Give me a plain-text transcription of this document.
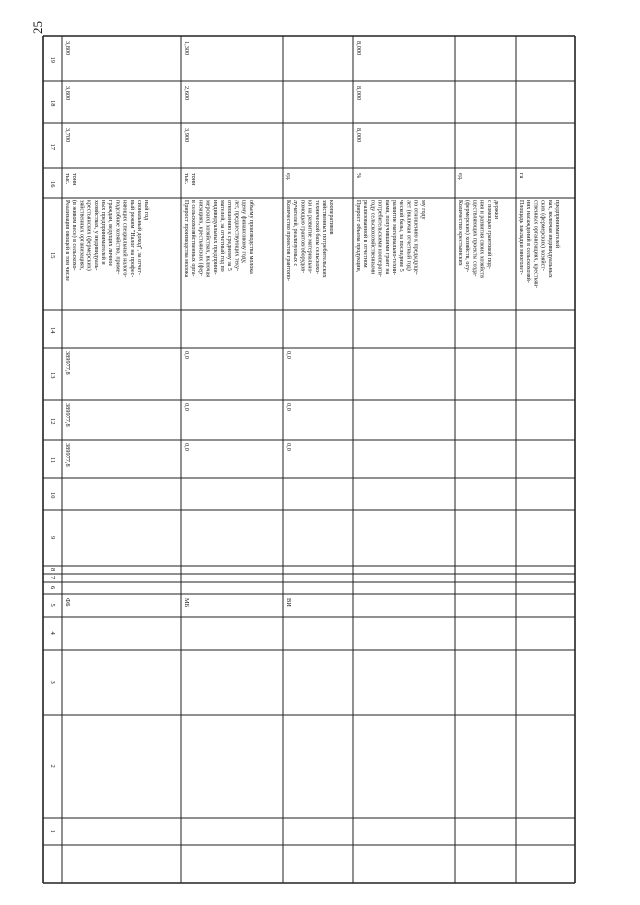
25
1
2
3
4
5
6
7
8
9
10
11
12
13
14
15
16
17
18
19
ФБ
389977,8
389977,8
389977,8
Реализация овощей в том числе (в живом весе) в сельскохо- зяйственных организациях, крестьянских (фермерских) хозяйствах, у индивидуаль- ных предпринимателей и граждан, ведущих личное подсобное хозяйство, приме- няющих специальный налого- вый режим "Налог на профес- сиональный доход", за отчет- ный год
тыс. тонн
3,700
3,800
3,800
МБ
0,0
0,0
0,0
Прирост производства молока в сельскохозяйственных орга- низациях, крестьянских (фер- мерских) хозяйствах, включая индивидуальных предприни- мателей, за отчетный год по отношению к среднему за 5 лет, предшествующих теку- щему финансовому году, объему производства молока
тыс. тонн
3,900
2,600
1,300
ВИ
0,0
0,0
0,0
Количество проектов грантопо- лучателей, реализуемых с помощью грантов/оборудов- ки на развитие материально- технической базы сельскохо- зяйственных потребительских кооперативов
ед.
Прирост объема продукции, реализованной в отчетном году сельскохозяйственными потребительскими кооперати- вами, получившими грант на развитие материально-техни- ческой базы, за последние 5 лет (включая отчетный год) по отношению к предыдуще- му году
%
8,000
8,000
8,000
Количество крестьянских (фермерских) хозяйств, осу- ществляющих проекты созда- ния и развития своих хозяйств с помощью грантовой под- держки
ед.
Площадь закладки многолет- них насаждений в сельскохозяй- ственных организациях, крестьян- ских (фермерских) хозяйст- вах, включая индивидуальных предпринимателей
га
